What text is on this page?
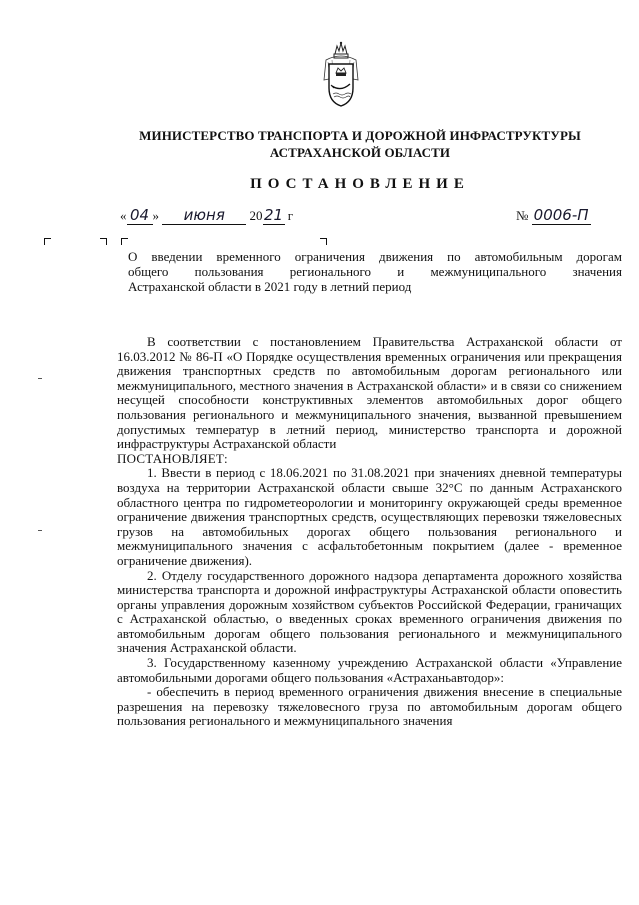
МИНИСТЕРСТВО ТРАНСПОРТА И ДОРОЖНОЙ ИНФРАСТРУКТУРЫ
АСТРАХАНСКОЙ ОБЛАСТИ
ПОСТАНОВЛЕНИЕ
« 04 » июня 2021 г	№ 0006-П
О введении временного ограничения движения по автомобильным дорогам
общего пользования регионального и межмуниципального значения
Астраханской области в 2021 году в летний период

В соответствии с постановлением Правительства Астраханской области от 16.03.2012 № 86-П «О Порядке осуществления временных ограничения или прекращения движения транспортных средств по автомобильным дорогам регионального или межмуниципального, местного значения в Астраханской области» и в связи со снижением несущей способности конструктивных элементов автомобильных дорог общего пользования регионального и межмуниципального значения, вызванной превышением допустимых температур в летний период, министерство транспорта и дорожной инфраструктуры Астраханской области

ПОСТАНОВЛЯЕТ:

1. Ввести в период с 18.06.2021 по 31.08.2021 при значениях дневной температуры воздуха на территории Астраханской области свыше 32°С по данным Астраханского областного центра по гидрометеорологии и мониторингу окружающей среды временное ограничение движения транспортных средств, осуществляющих перевозки тяжеловесных грузов на автомобильных дорогах общего пользования регионального и межмуниципального значения с асфальтобетонным покрытием (далее - временное ограничение движения).

2. Отделу государственного дорожного надзора департамента дорожного хозяйства министерства транспорта и дорожной инфраструктуры Астраханской области оповестить органы управления дорожным хозяйством субъектов Российской Федерации, граничащих с Астраханской областью, о введенных сроках временного ограничения движения по автомобильным дорогам общего пользования регионального и межмуниципального значения Астраханской области.

3. Государственному казенному учреждению Астраханской области «Управление автомобильными дорогами общего пользования «Астраханьавтодор»:

- обеспечить в период временного ограничения движения внесение в специальные разрешения на перевозку тяжеловесного груза по автомобильным дорогам общего пользования регионального и межмуниципального значения
